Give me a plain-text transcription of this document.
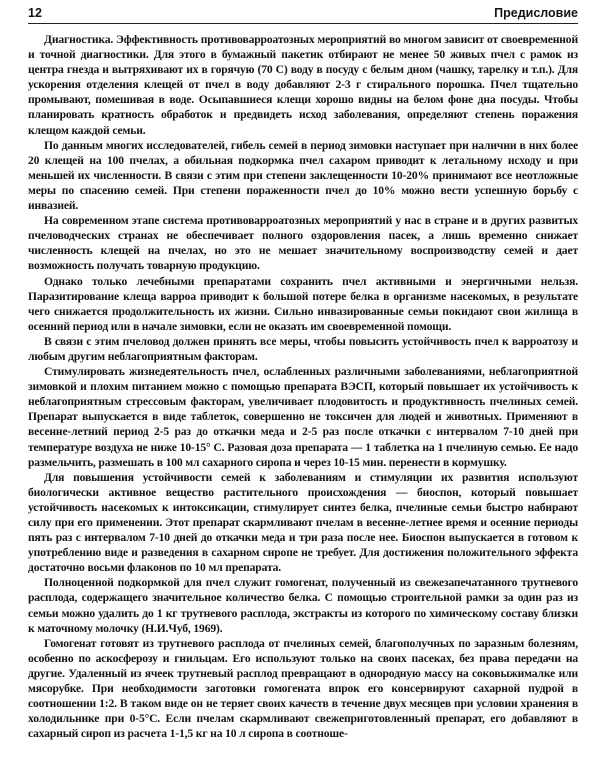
12	Предисловие

Диагностика. Эффективность противоварроатозных мероприятий во многом зависит от своевременной и точной диагностики. Для этого в бумажный пакетик отбирают не менее 50 живых пчел с рамок из центра гнезда и вытряхивают их в горячую (70 С) воду в посуду с белым дном (чашку, тарелку и т.п.). Для ускорения отделения клещей от пчел в воду добавляют 2-3 г стирального порошка. Пчел тщательно промывают, помешивая в воде. Осыпавшиеся клещи хорошо видны на белом фоне дна посуды. Чтобы планировать кратность обработок и предвидеть исход заболевания, определяют степень поражения клещом каждой семьи.

По данным многих исследователей, гибель семей в период зимовки наступает при наличии в них более 20 клещей на 100 пчелах, а обильная подкормка пчел сахаром приводит к летальному исходу и при меньшей их численности. В связи с этим при степени заклещенности 10-20% принимают все неотложные меры по спасению семей. При степени пораженности пчел до 10% можно вести успешную борьбу с инвазией.

На современном этапе система противоварроатозных мероприятий у нас в стране и в других развитых пчеловодческих странах не обеспечивает полного оздоровления пасек, а лишь временно снижает численность клещей на пчелах, но это не мешает значительному воспроизводству семей и дает возможность получать товарную продукцию.

Однако только лечебными препаратами сохранить пчел активными и энергичными нельзя. Паразитирование клеща варроа приводит к большой потере белка в организме насекомых, в результате чего снижается продолжительность их жизни. Сильно инвазированные семьи покидают свои жилища в осенний период или в начале зимовки, если не оказать им своевременной помощи.

В связи с этим пчеловод должен принять все меры, чтобы повысить устойчивость пчел к варроатозу и любым другим неблагоприятным факторам.

Стимулировать жизнедеятельность пчел, ослабленных различными заболеваниями, неблагоприятной зимовкой и плохим питанием можно с помощью препарата ВЭСП, который повышает их устойчивость к неблагоприятным стрессовым факторам, увеличивает плодовитость и продуктивность пчелиных семей. Препарат выпускается в виде таблеток, совершенно не токсичен для людей и животных. Применяют в весенне-летний период 2-5 раз до откачки меда и 2-5 раз после откачки с интервалом 7-10 дней при температуре воздуха не ниже 10-15° С. Разовая доза препарата — 1 таблетка на 1 пчелиную семью. Ее надо размельчить, размешать в 100 мл сахарного сиропа и через 10-15 мин. перенести в кормушку.

Для повышения устойчивости семей к заболеваниям и стимуляции их развития используют биологически активное вещество растительного происхождения — биоспон, который повышает устойчивость насекомых к интоксикации, стимулирует синтез белка, пчелиные семьи быстро набирают силу при его применении. Этот препарат скармливают пчелам в весенне-летнее время и осенние периоды пять раз с интервалом 7-10 дней до откачки меда и три раза после нее. Биоспон выпускается в готовом к употреблению виде и разведения в сахарном сиропе не требует. Для достижения положительного эффекта достаточно восьми флаконов по 10 мл препарата.

Полноценной подкормкой для пчел служит гомогенат, полученный из свежезапечатанного трутневого расплода, содержащего значительное количество белка. С помощью строительной рамки за один раз из семьи можно удалить до 1 кг трутневого расплода, экстракты из которого по химическому составу близки к маточному молочку (Н.И.Чуб, 1969).

Гомогенат готовят из трутневого расплода от пчелиных семей, благополучных по заразным болезням, особенно по аскосферозу и гнильцам. Его используют только на своих пасеках, без права передачи на другие. Удаленный из ячеек трутневый расплод превращают в однородную массу на соковыжималке или мясорубке. При необходимости заготовки гомогената впрок его консервируют сахарной пудрой в соотношении 1:2. В таком виде он не теряет своих качеств в течение двух месяцев при условии хранения в холодильнике при 0-5°С. Если пчелам скармливают свежеприготовленный препарат, его добавляют в сахарный сироп из расчета 1-1,5 кг на 10 л сиропа в соотноше-
